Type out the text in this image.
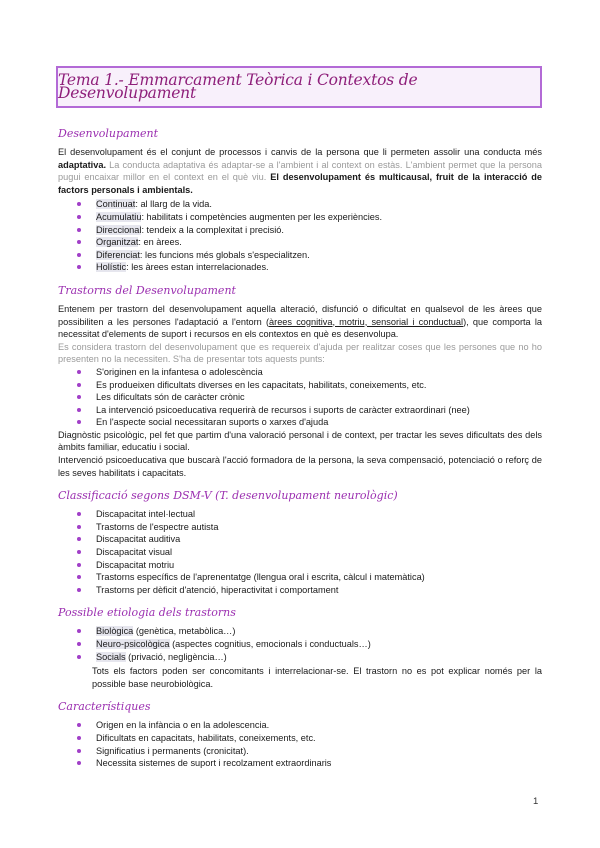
Tema 1.- Emmarcament Teòrica i Contextos de Desenvolupament
Desenvolupament

El desenvolupament és el conjunt de processos i canvis de la persona que li permeten assolir una conducta més adaptativa. La conducta adaptativa és adaptar-se a l'ambient i al context on estàs. L'ambient permet que la persona pugui encaixar millor en el context en el què viu. El desenvolupament és multicausal, fruit de la interacció de factors personals i ambientals.

Continuat: al llarg de la vida.
Acumulatiu: habilitats i competències augmenten per les experiències.
Direccional: tendeix a la complexitat i precisió.
Organitzat: en àrees.
Diferenciat: les funcions més globals s'especialitzen.
Holístic: les àrees estan interrelacionades.
Trastorns del Desenvolupament

Entenem per trastorn del desenvolupament aquella alteració, disfunció o dificultat en qualsevol de les àrees que possibiliten a les persones l'adaptació a l'entorn (àrees cognitiva, motriu, sensorial i conductual), que comporta la necessitat d'elements de suport i recursos en els contextos en què es desenvolupa.

Es considera trastorn del desenvolupament que es requereix d'ajuda per realitzar coses que les persones que no ho presenten no la necessiten. S'ha de presentar tots aquests punts:

S'originen en la infantesa o adolescència
Es produeixen dificultats diverses en les capacitats, habilitats, coneixements, etc.
Les dificultats són de caràcter crònic
La intervenció psicoeducativa requerirà de recursos i suports de caràcter extraordinari (nee)
En l'aspecte social necessitaran suports o xarxes d'ajuda

Diagnòstic psicològic, pel fet que partim d'una valoració personal i de context, per tractar les seves dificultats des dels àmbits familiar, educatiu i social.

Intervenció psicoeducativa que buscarà l'acció formadora de la persona, la seva compensació, potenciació o reforç de les seves habilitats i capacitats.

Classificació segons DSM-V (T. desenvolupament neurològic)
Discapacitat intel·lectual
Trastorns de l'espectre autista
Discapacitat auditiva
Discapacitat visual
Discapacitat motriu
Trastorns específics de l'aprenentatge (llengua oral i escrita, càlcul i matemàtica)
Trastorns per dèficit d'atenció, hiperactivitat i comportament
Possible etiologia dels trastorns
Biològica (genètica, metabòlica…)
Neuro-psicològica (aspectes cognitius, emocionals i conductuals…)
Socials (privació, negligència…)

Tots els factors poden ser concomitants i interrelacionar-se. El trastorn no es pot explicar només per la possible base neurobiològica.

Característiques
Origen en la infància o en la adolescencia.
Dificultats en capacitats, habilitats, coneixements, etc.
Significatius i permanents (cronicitat).
Necessita sistemes de suport i recolzament extraordinaris
1
